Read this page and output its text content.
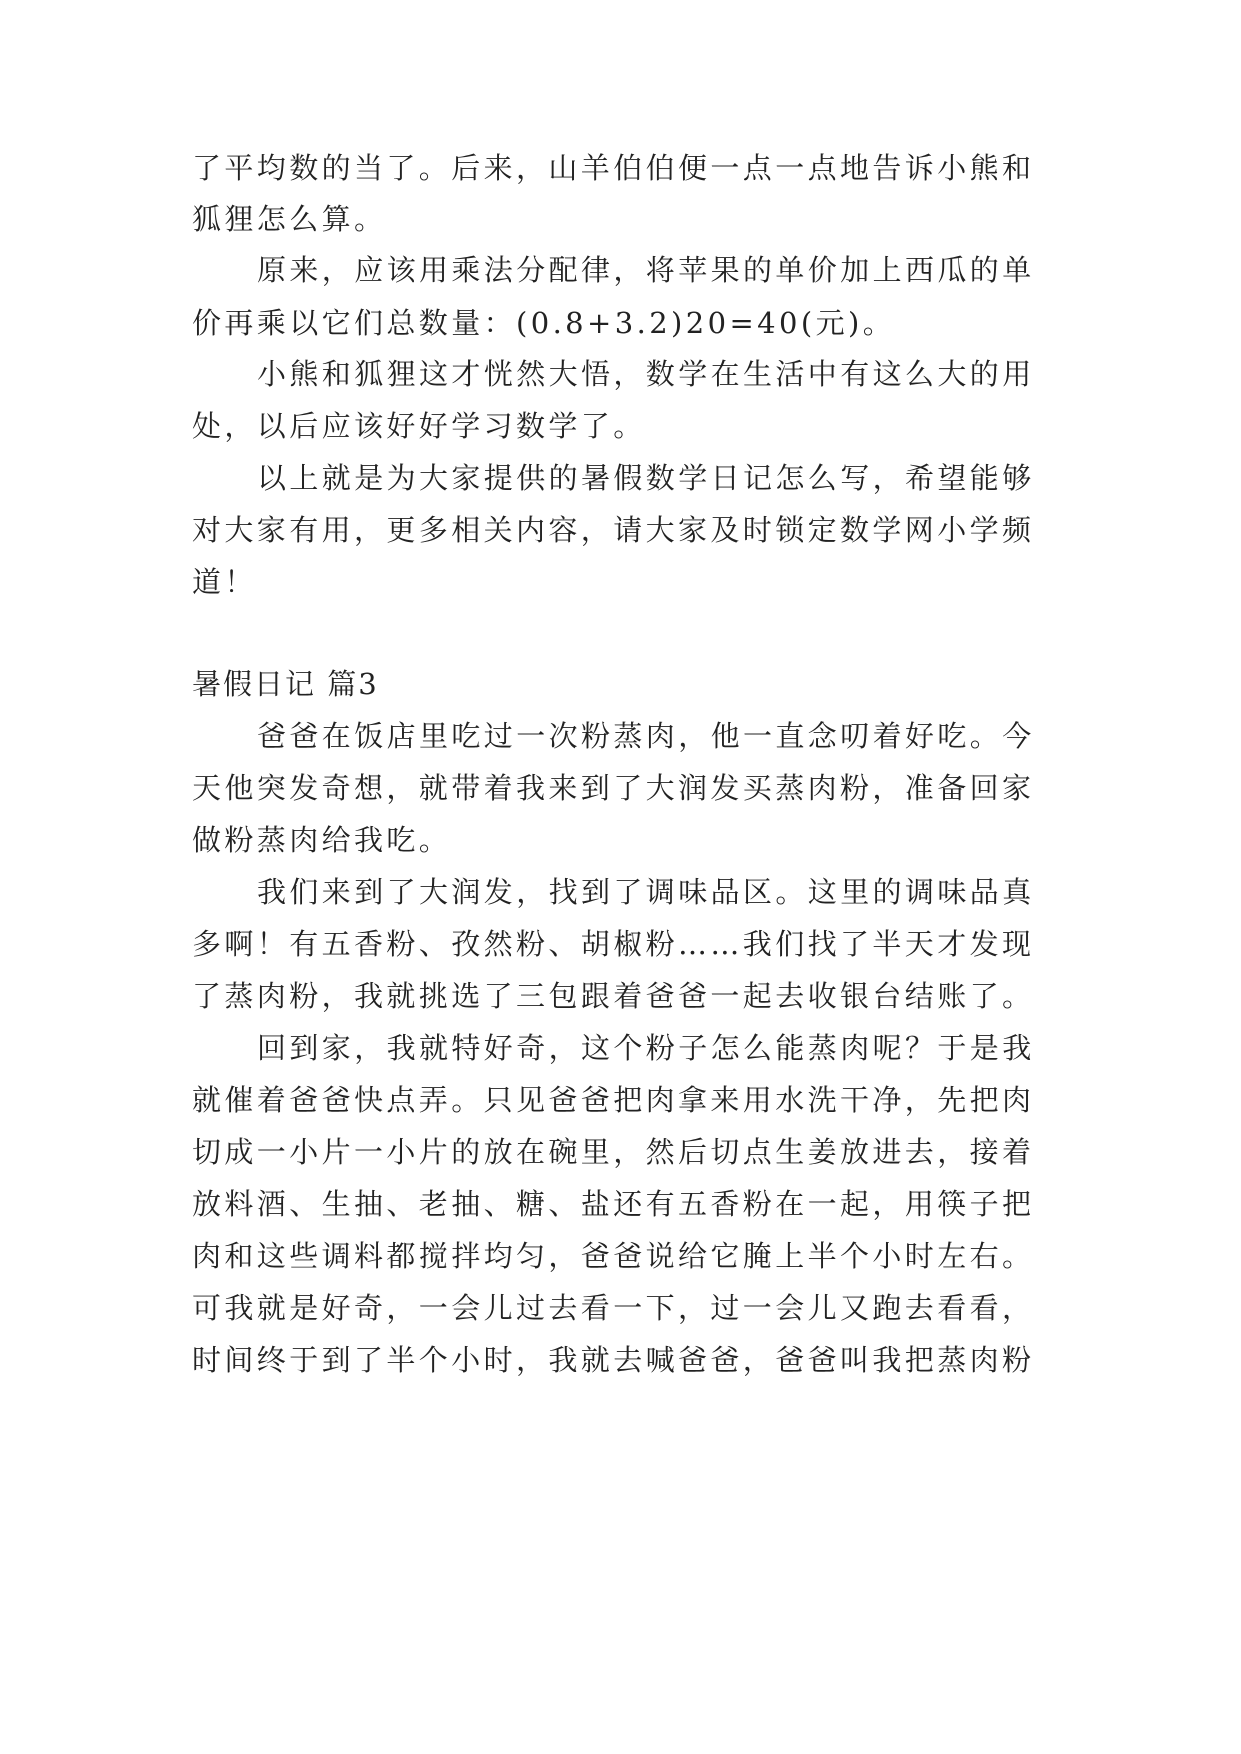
了平均数的当了。后来，山羊伯伯便一点一点地告诉小熊和
狐狸怎么算。
原来，应该用乘法分配律，将苹果的单价加上西瓜的单
价再乘以它们总数量：(0.8+3.2)20=40(元)。
小熊和狐狸这才恍然大悟，数学在生活中有这么大的用
处，以后应该好好学习数学了。
以上就是为大家提供的暑假数学日记怎么写，希望能够
对大家有用，更多相关内容，请大家及时锁定数学网小学频
道！
暑假日记 篇3
爸爸在饭店里吃过一次粉蒸肉，他一直念叨着好吃。今
天他突发奇想，就带着我来到了大润发买蒸肉粉，准备回家
做粉蒸肉给我吃。
我们来到了大润发，找到了调味品区。这里的调味品真
多啊！有五香粉、孜然粉、胡椒粉……我们找了半天才发现
了蒸肉粉，我就挑选了三包跟着爸爸一起去收银台结账了。
回到家，我就特好奇，这个粉子怎么能蒸肉呢？于是我
就催着爸爸快点弄。只见爸爸把肉拿来用水洗干净，先把肉
切成一小片一小片的放在碗里，然后切点生姜放进去，接着
放料酒、生抽、老抽、糖、盐还有五香粉在一起，用筷子把
肉和这些调料都搅拌均匀，爸爸说给它腌上半个小时左右。
可我就是好奇，一会儿过去看一下，过一会儿又跑去看看，
时间终于到了半个小时，我就去喊爸爸，爸爸叫我把蒸肉粉
